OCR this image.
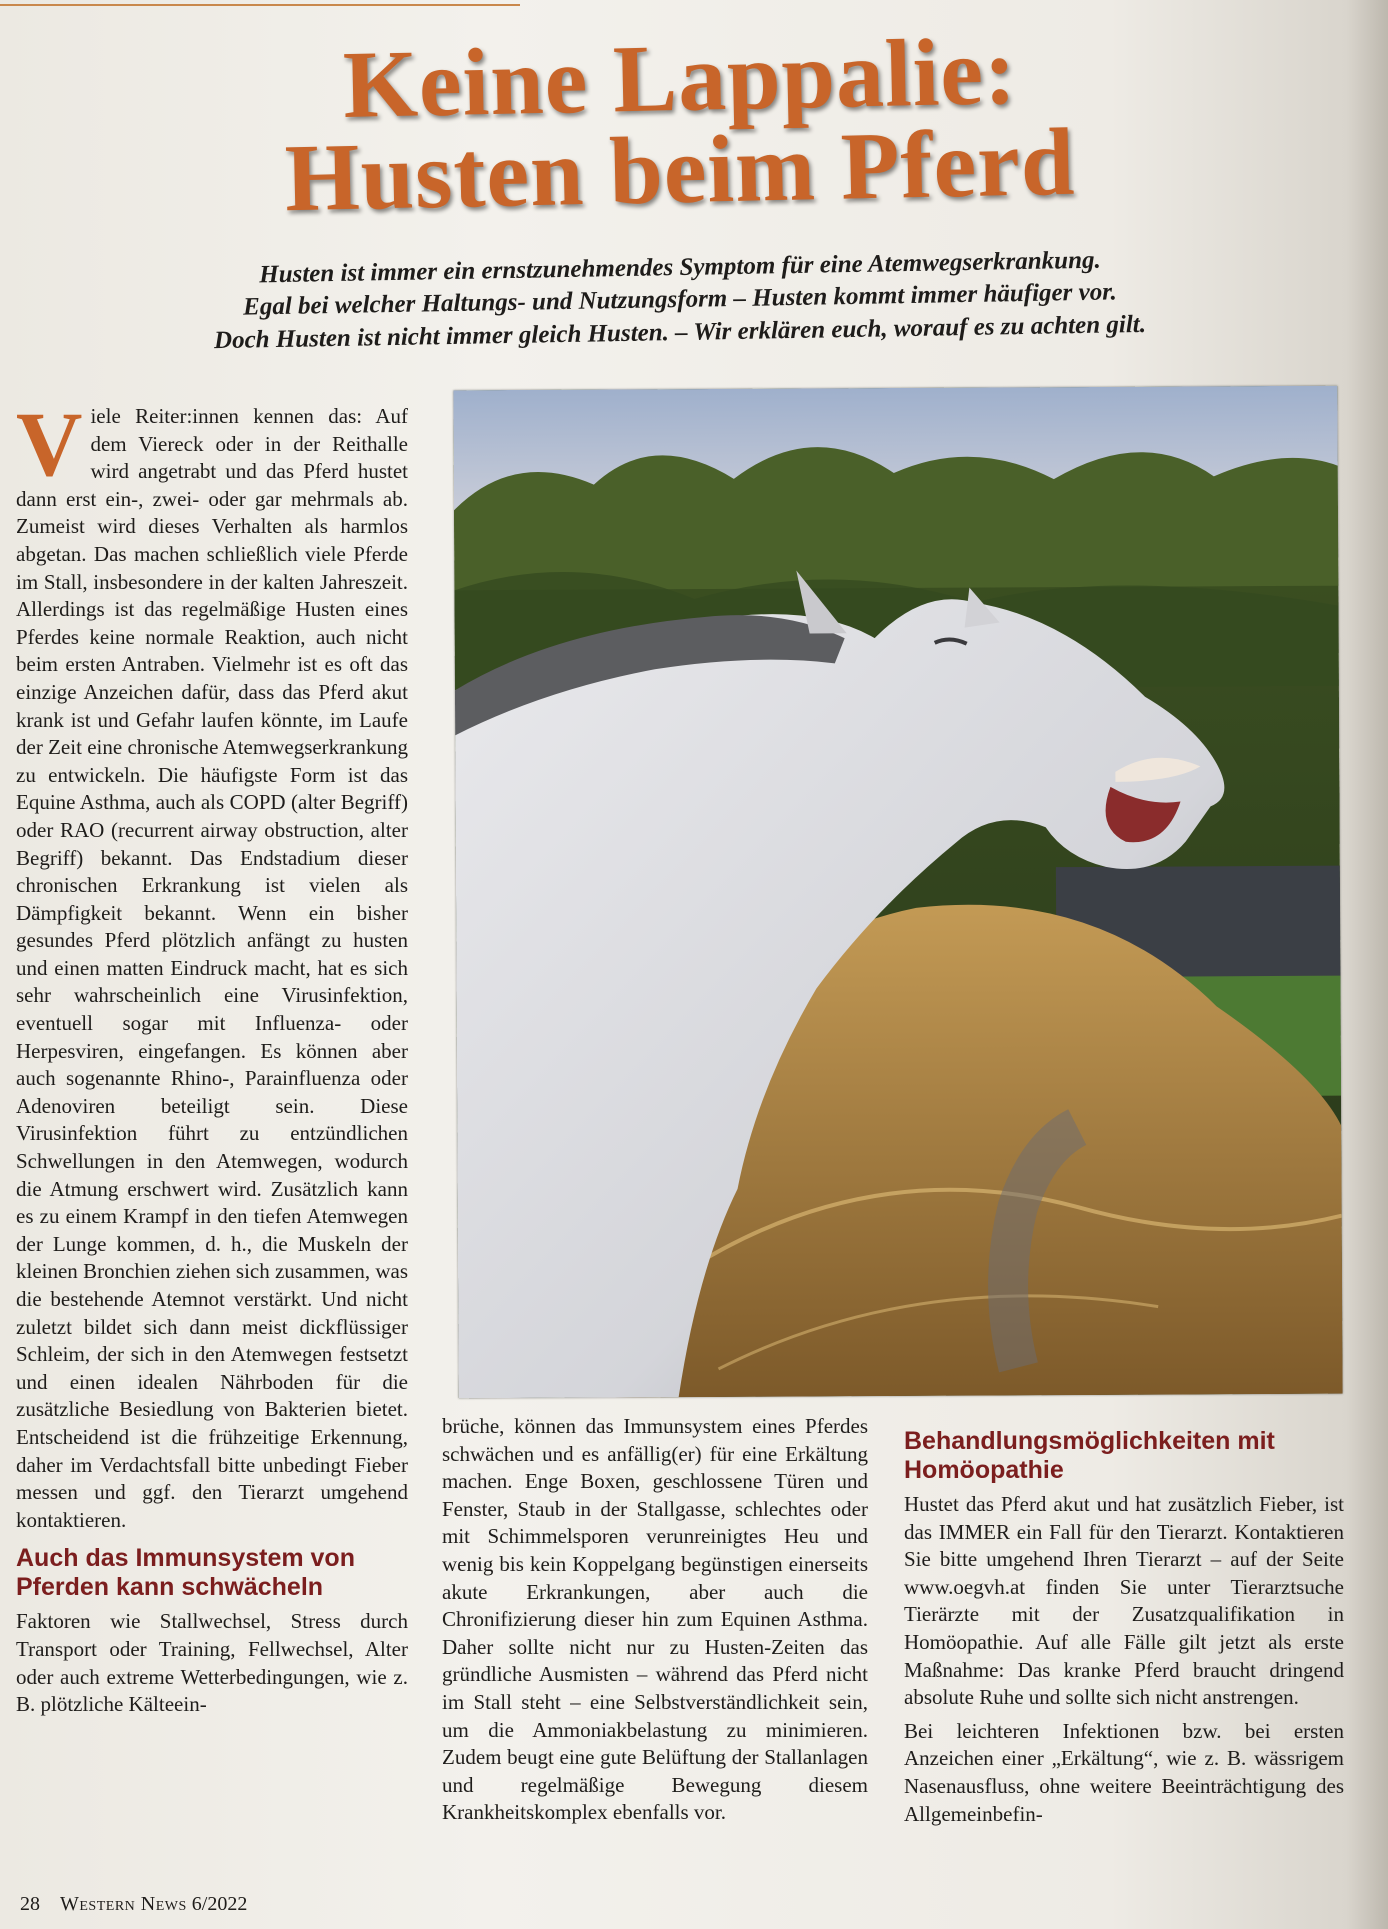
Keine Lappalie:
Husten beim Pferd

Husten ist immer ein ernstzunehmendes Symptom für eine Atemwegserkrankung.

Egal bei welcher Haltungs- und Nutzungsform – Husten kommt immer häufiger vor.

Doch Husten ist nicht immer gleich Husten. – Wir erklären euch, worauf es zu achten gilt.

V iele Reiter:innen kennen das: Auf dem Viereck oder in der Reithalle wird angetrabt und das Pferd hustet dann erst ein-, zwei- oder gar mehrmals ab. Zumeist wird dieses Verhalten als harmlos abgetan. Das machen schließlich viele Pferde im Stall, insbesondere in der kalten Jahreszeit. Allerdings ist das regelmäßige Husten eines Pferdes keine normale Reaktion, auch nicht beim ersten Antraben. Vielmehr ist es oft das einzige Anzeichen dafür, dass das Pferd akut krank ist und Gefahr laufen könnte, im Laufe der Zeit eine chronische Atemwegserkrankung zu entwickeln. Die häufigste Form ist das Equine Asthma, auch als COPD (alter Begriff) oder RAO (recurrent airway obstruction, alter Begriff) bekannt. Das Endstadium dieser chronischen Erkrankung ist vielen als Dämpfigkeit bekannt. Wenn ein bisher gesundes Pferd plötzlich anfängt zu husten und einen matten Eindruck macht, hat es sich sehr wahrscheinlich eine Virusinfektion, eventuell sogar mit Influenza- oder Herpesviren, eingefangen. Es können aber auch sogenannte Rhino-, Parainfluenza oder Adenoviren beteiligt sein. Diese Virusinfektion führt zu entzündlichen Schwellungen in den Atemwegen, wodurch die Atmung erschwert wird. Zusätzlich kann es zu einem Krampf in den tiefen Atemwegen der Lunge kommen, d. h., die Muskeln der kleinen Bronchien ziehen sich zusammen, was die bestehende Atemnot verstärkt. Und nicht zuletzt bildet sich dann meist dickflüssiger Schleim, der sich in den Atemwegen festsetzt und einen idealen Nährboden für die zusätzliche Besiedlung von Bakterien bietet. Entscheidend ist die frühzeitige Erkennung, daher im Verdachtsfall bitte unbedingt Fieber messen und ggf. den Tierarzt umgehend kontaktieren.

Auch das Immunsystem von Pferden kann schwächeln

Faktoren wie Stallwechsel, Stress durch Transport oder Training, Fellwechsel, Alter oder auch extreme Wetterbedingungen, wie z. B. plötzliche Kälteein-

brüche, können das Immunsystem eines Pferdes schwächen und es anfällig(er) für eine Erkältung machen. Enge Boxen, geschlossene Türen und Fenster, Staub in der Stallgasse, schlechtes oder mit Schimmelsporen verunreinigtes Heu und wenig bis kein Koppelgang begünstigen einerseits akute Erkrankungen, aber auch die Chronifizierung dieser hin zum Equinen Asthma. Daher sollte nicht nur zu Husten-Zeiten das gründliche Ausmisten – während das Pferd nicht im Stall steht – eine Selbstverständlichkeit sein, um die Ammoniakbelastung zu minimieren. Zudem beugt eine gute Belüftung der Stallanlagen und regelmäßige Bewegung diesem Krankheitskomplex ebenfalls vor.

Behandlungsmöglichkeiten mit Homöopathie

Hustet das Pferd akut und hat zusätzlich Fieber, ist das IMMER ein Fall für den Tierarzt. Kontaktieren Sie bitte umgehend Ihren Tierarzt – auf der Seite www.oegvh.at finden Sie unter Tierarztsuche Tierärzte mit der Zusatzqualifikation in Homöopathie. Auf alle Fälle gilt jetzt als erste Maßnahme: Das kranke Pferd braucht dringend absolute Ruhe und sollte sich nicht anstrengen.

Bei leichteren Infektionen bzw. bei ersten Anzeichen einer „Erkältung“, wie z. B. wässrigem Nasenausfluss, ohne weitere Beeinträchtigung des Allgemeinbefin-

28 Western News 6/2022
